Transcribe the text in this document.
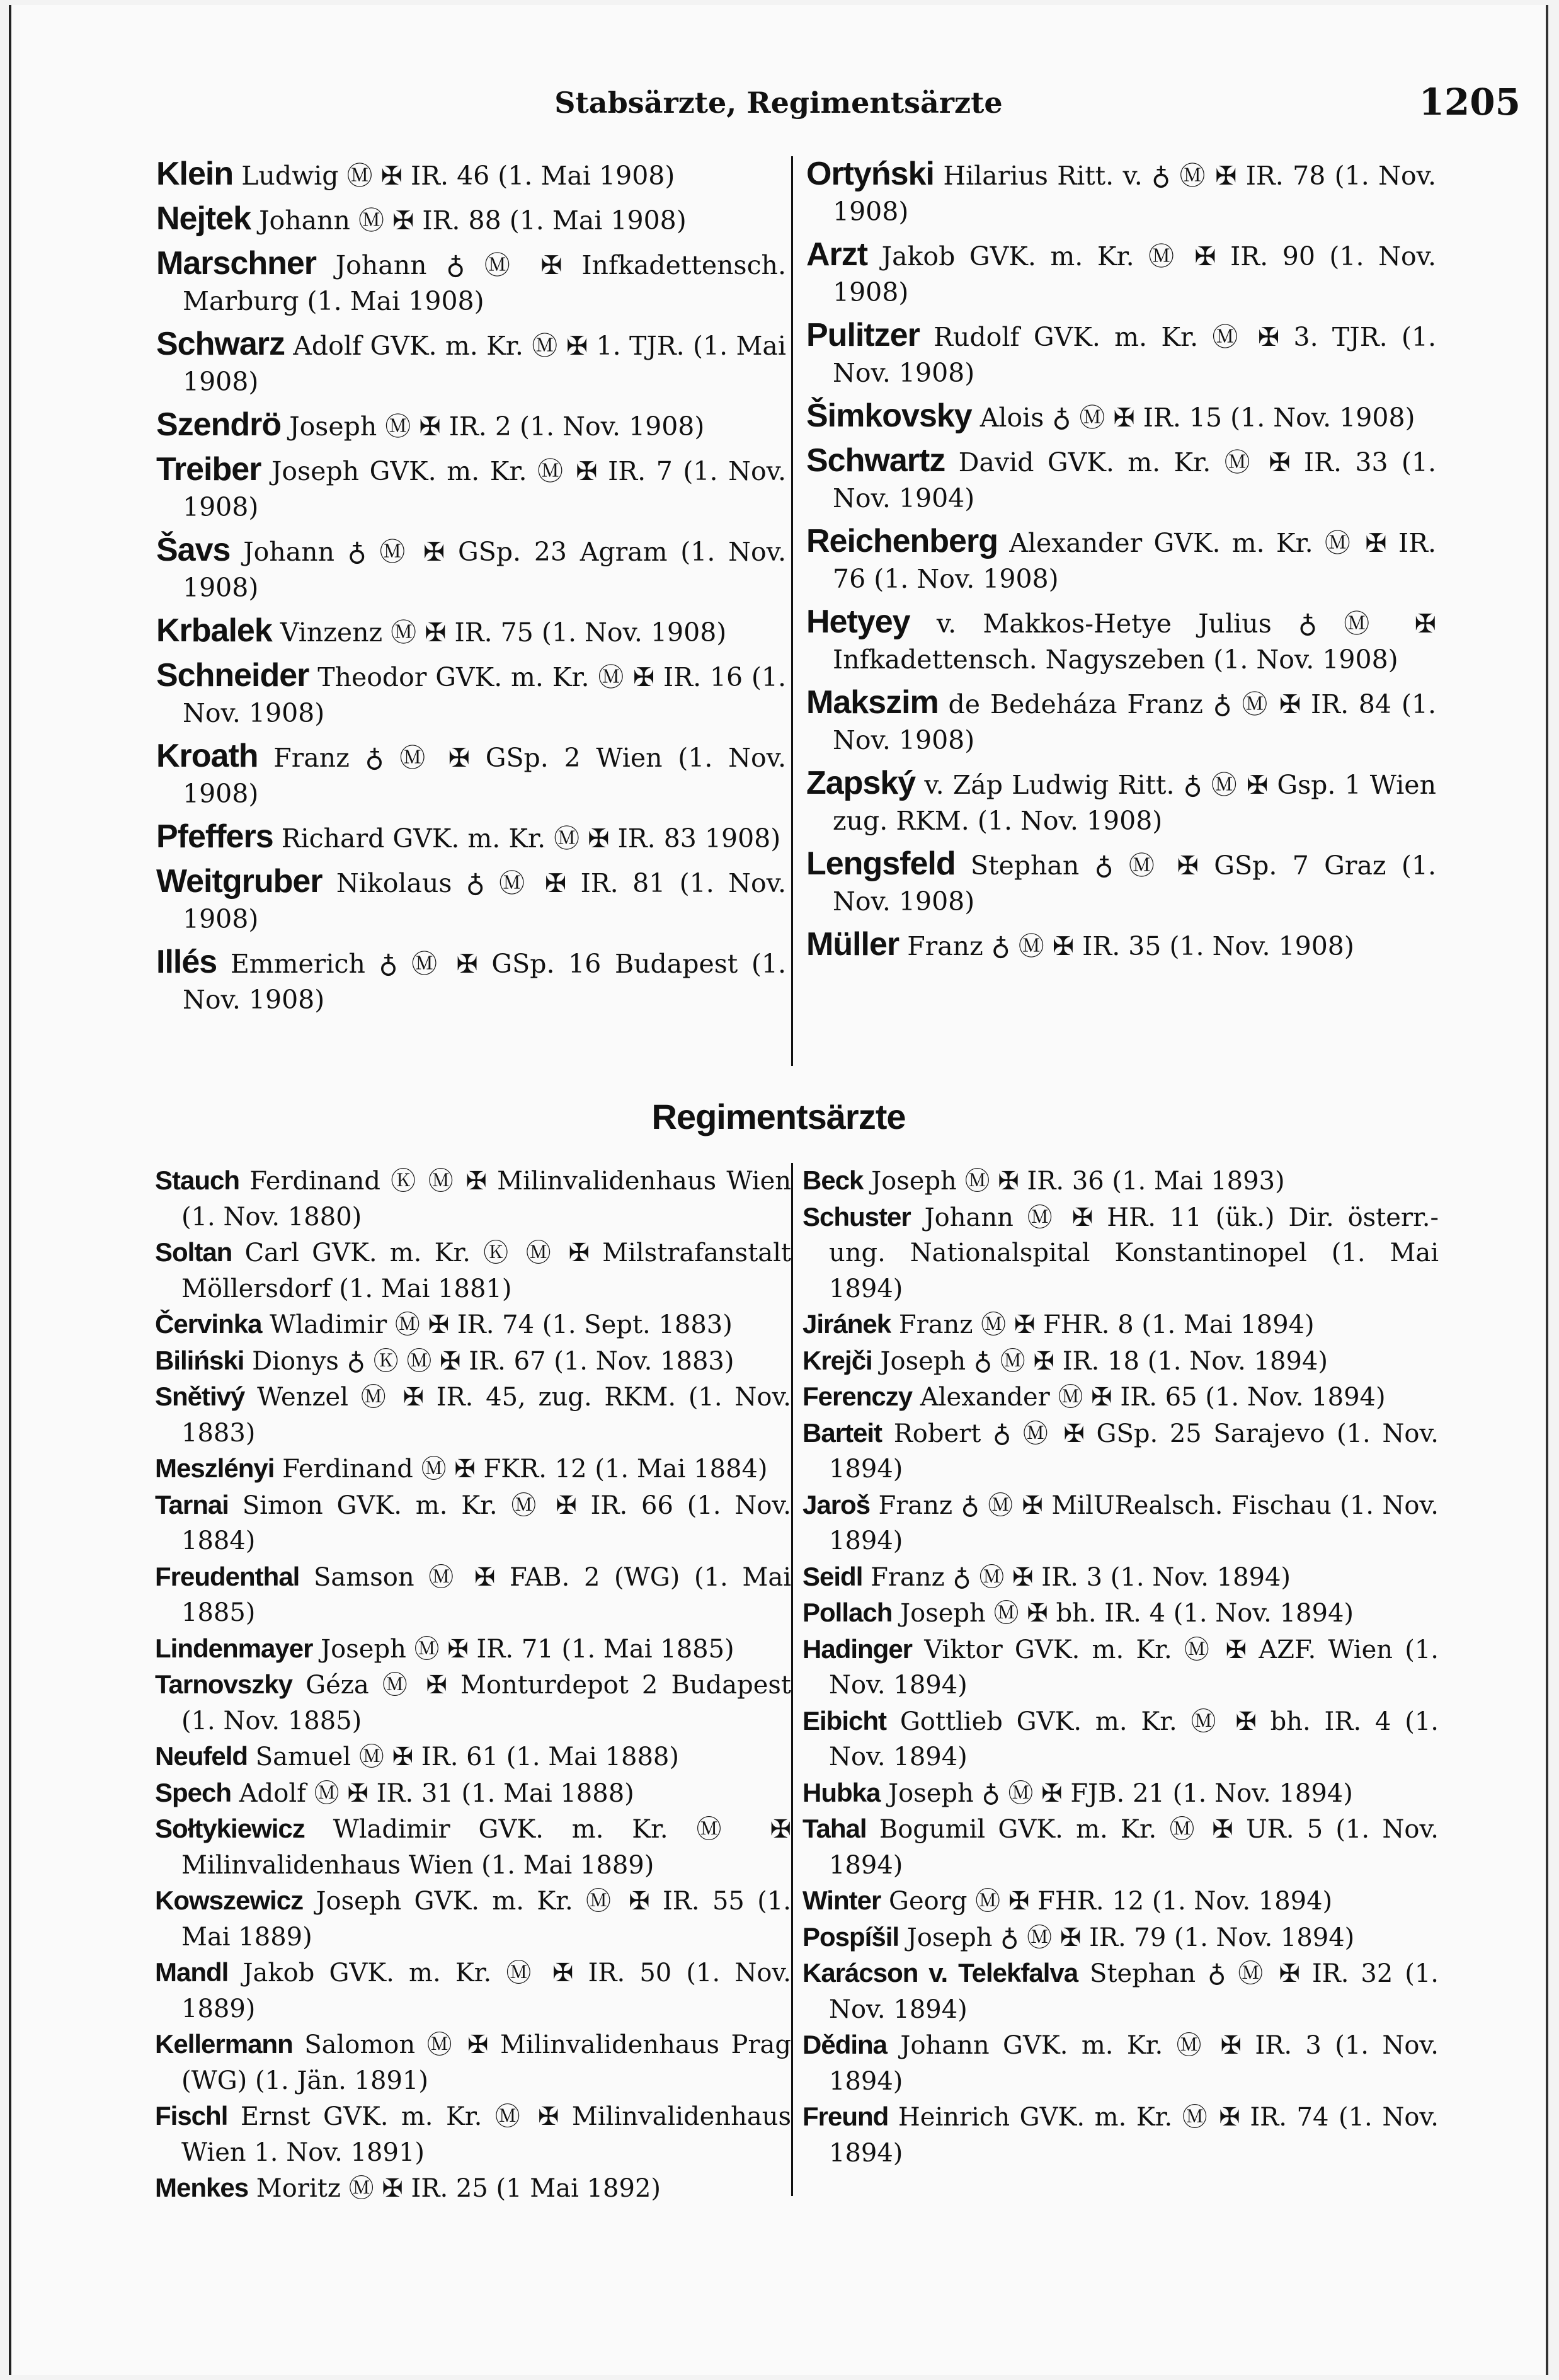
Stabsärzte, Regimentsärzte	1205

Klein Ludwig Ⓜ ✠ IR. 46 (1. Mai 1908)

Nejtek Johann Ⓜ ✠ IR. 88 (1. Mai 1908)

Marschner Johann ♁ Ⓜ ✠ Infkadettensch. Marburg (1. Mai 1908)

Schwarz Adolf GVK. m. Kr. Ⓜ ✠ 1. TJR. (1. Mai 1908)

Szendrö Joseph Ⓜ ✠ IR. 2 (1. Nov. 1908)

Treiber Joseph GVK. m. Kr. Ⓜ ✠ IR. 7 (1. Nov. 1908)

Šavs Johann ♁ Ⓜ ✠ GSp. 23 Agram (1. Nov. 1908)

Krbalek Vinzenz Ⓜ ✠ IR. 75 (1. Nov. 1908)

Schneider Theodor GVK. m. Kr. Ⓜ ✠ IR. 16 (1. Nov. 1908)

Kroath Franz ♁ Ⓜ ✠ GSp. 2 Wien (1. Nov. 1908)

Pfeffers Richard GVK. m. Kr. Ⓜ ✠ IR. 83 1908)

Weitgruber Nikolaus ♁ Ⓜ ✠ IR. 81 (1. Nov. 1908)

Illés Emmerich ♁ Ⓜ ✠ GSp. 16 Budapest (1. Nov. 1908)

Ortyński Hilarius Ritt. v. ♁ Ⓜ ✠ IR. 78 (1. Nov. 1908)

Arzt Jakob GVK. m. Kr. Ⓜ ✠ IR. 90 (1. Nov. 1908)

Pulitzer Rudolf GVK. m. Kr. Ⓜ ✠ 3. TJR. (1. Nov. 1908)

Šimkovsky Alois ♁ Ⓜ ✠ IR. 15 (1. Nov. 1908)

Schwartz David GVK. m. Kr. Ⓜ ✠ IR. 33 (1. Nov. 1904)

Reichenberg Alexander GVK. m. Kr. Ⓜ ✠ IR. 76 (1. Nov. 1908)

Hetyey v. Makkos-Hetye Julius ♁ Ⓜ ✠ Infkadettensch. Nagyszeben (1. Nov. 1908)

Makszim de Bedeháza Franz ♁ Ⓜ ✠ IR. 84 (1. Nov. 1908)

Zapský v. Záp Ludwig Ritt. ♁ Ⓜ ✠ Gsp. 1 Wien zug. RKM. (1. Nov. 1908)

Lengsfeld Stephan ♁ Ⓜ ✠ GSp. 7 Graz (1. Nov. 1908)

Müller Franz ♁ Ⓜ ✠ IR. 35 (1. Nov. 1908)

Regimentsärzte

Stauch Ferdinand Ⓚ Ⓜ ✠ Milinvalidenhaus Wien (1. Nov. 1880)

Soltan Carl GVK. m. Kr. Ⓚ Ⓜ ✠ Milstrafanstalt Möllersdorf (1. Mai 1881)

Červinka Wladimir Ⓜ ✠ IR. 74 (1. Sept. 1883)

Biliński Dionys ♁ Ⓚ Ⓜ ✠ IR. 67 (1. Nov. 1883)

Snětivý Wenzel Ⓜ ✠ IR. 45, zug. RKM. (1. Nov. 1883)

Meszlényi Ferdinand Ⓜ ✠ FKR. 12 (1. Mai 1884)

Tarnai Simon GVK. m. Kr. Ⓜ ✠ IR. 66 (1. Nov. 1884)

Freudenthal Samson Ⓜ ✠ FAB. 2 (WG) (1. Mai 1885)

Lindenmayer Joseph Ⓜ ✠ IR. 71 (1. Mai 1885)

Tarnovszky Géza Ⓜ ✠ Monturdepot 2 Budapest (1. Nov. 1885)

Neufeld Samuel Ⓜ ✠ IR. 61 (1. Mai 1888)

Spech Adolf Ⓜ ✠ IR. 31 (1. Mai 1888)

Sołtykiewicz Wladimir GVK. m. Kr. Ⓜ ✠ Milinvalidenhaus Wien (1. Mai 1889)

Kowszewicz Joseph GVK. m. Kr. Ⓜ ✠ IR. 55 (1. Mai 1889)

Mandl Jakob GVK. m. Kr. Ⓜ ✠ IR. 50 (1. Nov. 1889)

Kellermann Salomon Ⓜ ✠ Milinvalidenhaus Prag (WG) (1. Jän. 1891)

Fischl Ernst GVK. m. Kr. Ⓜ ✠ Milinvalidenhaus Wien 1. Nov. 1891)

Menkes Moritz Ⓜ ✠ IR. 25 (1 Mai 1892)

Beck Joseph Ⓜ ✠ IR. 36 (1. Mai 1893)

Schuster Johann Ⓜ ✠ HR. 11 (ük.) Dir. österr.-ung. Nationalspital Konstantinopel (1. Mai 1894)

Jiránek Franz Ⓜ ✠ FHR. 8 (1. Mai 1894)

Krejči Joseph ♁ Ⓜ ✠ IR. 18 (1. Nov. 1894)

Ferenczy Alexander Ⓜ ✠ IR. 65 (1. Nov. 1894)

Barteit Robert ♁ Ⓜ ✠ GSp. 25 Sarajevo (1. Nov. 1894)

Jaroš Franz ♁ Ⓜ ✠ MilURealsch. Fischau (1. Nov. 1894)

Seidl Franz ♁ Ⓜ ✠ IR. 3 (1. Nov. 1894)

Pollach Joseph Ⓜ ✠ bh. IR. 4 (1. Nov. 1894)

Hadinger Viktor GVK. m. Kr. Ⓜ ✠ AZF. Wien (1. Nov. 1894)

Eibicht Gottlieb GVK. m. Kr. Ⓜ ✠ bh. IR. 4 (1. Nov. 1894)

Hubka Joseph ♁ Ⓜ ✠ FJB. 21 (1. Nov. 1894)

Tahal Bogumil GVK. m. Kr. Ⓜ ✠ UR. 5 (1. Nov. 1894)

Winter Georg Ⓜ ✠ FHR. 12 (1. Nov. 1894)

Pospíšil Joseph ♁ Ⓜ ✠ IR. 79 (1. Nov. 1894)

Karácson v. Telekfalva Stephan ♁ Ⓜ ✠ IR. 32 (1. Nov. 1894)

Dědina Johann GVK. m. Kr. Ⓜ ✠ IR. 3 (1. Nov. 1894)

Freund Heinrich GVK. m. Kr. Ⓜ ✠ IR. 74 (1. Nov. 1894)
